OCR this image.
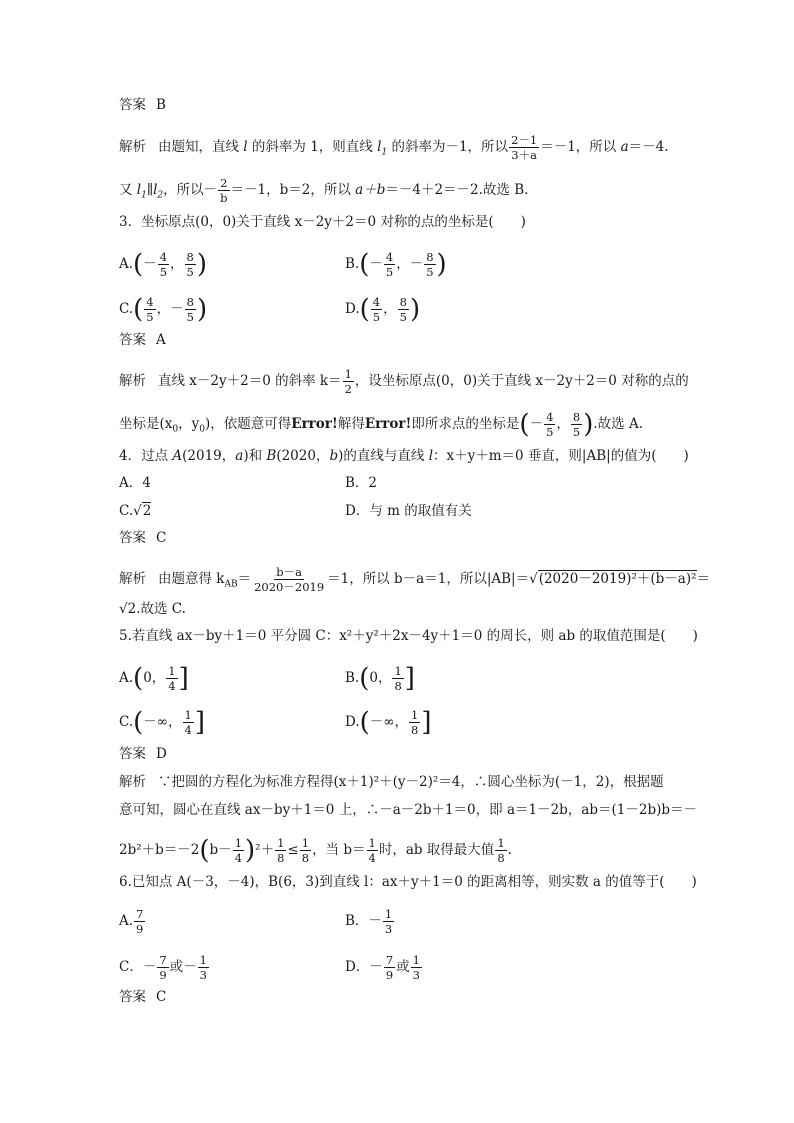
答案 B
解析 由题知，直线 l 的斜率为 1，则直线 $l_1$ 的斜率为－1，所以 $\frac{2-1}{3+a} =-1$，所以 a＝－4.
又 $l_1\parallel l_2$，所以－ $\frac{2}{b} =-1$，b＝2，所以 a＋b＝－4＋2＝－2.故选 B.
3．坐标原点(0，0)关于直线 x－2y＋2＝0 对称的点的坐标是(　　)
$A.(- \frac{4}{5}$ ， $\frac{8}{5}$ )	$B.(- \frac{4}{5}$ ，－ $\frac{8}{5}$ )
$C.( \frac{4}{5}$ ，－ $\frac{8}{5}$ )	$D.( \frac{4}{5}$ ， $\frac{8}{5}$ )
答案 A
解析 直线 x－2y＋2＝0 的斜率 $k= \frac{1}{2}$ ，设坐标原点(0，0)关于直线 x－2y＋2＝0 对称的点的
坐标是($x_0$，$y_0$)，依题意可得Error!解得Error!即所求点的坐标是(－ $\frac{4}{5}$ ， $\frac{8}{5}$ ).故选 A.
4．过点 A(2019，a)和 B(2020，b)的直线与直线 l：x＋y＋m＝0 垂直，则|AB|的值为(　　)
A．4	B．2
C.√2	D．与 m 的取值有关
答案 C
解析 由题意得 $k_{AB}= \frac{b-a}{2020-2019} =1$，所以 b－a＝1，所以|AB|＝√(2020－2019)²＋(b－a)²＝
√2.故选 C.
5.若直线 ax－by＋1＝0 平分圆 C：x²＋y²＋2x－4y＋1＝0 的周长，则 ab 的取值范围是(　　)
A.(0， $\frac{1}{4}$ ]	B.(0， $\frac{1}{8}$ ]
C.(－∞， $\frac{1}{4}$ ]	D.(－∞， $\frac{1}{8}$ ]
答案 D
解析 ∵把圆的方程化为标准方程得(x＋1)²＋(y－2)²＝4，∴圆心坐标为(－1，2)，根据题
意可知，圆心在直线 ax－by＋1＝0 上，∴－a－2b＋1＝0，即 a＝1－2b，ab＝(1－2b)b＝－
$2b^2+b=-2(b- \frac{1}{4} )^2+ \frac{1}{8} \le \frac{1}{8}$ ，当 $b= \frac{1}{4}$ 时，ab 取得最大值 $\frac{1}{8}$ .
6.已知点 A(－3，－4)，B(6，3)到直线 l：ax＋y＋1＝0 的距离相等，则实数 a 的值等于(　　)
A. $\frac{7}{9}$	B．－ $\frac{1}{3}$
C．－ $\frac{7}{9}$ 或－ $\frac{1}{3}$	D．－ $\frac{7}{9}$ 或 $\frac{1}{3}$
答案 C
